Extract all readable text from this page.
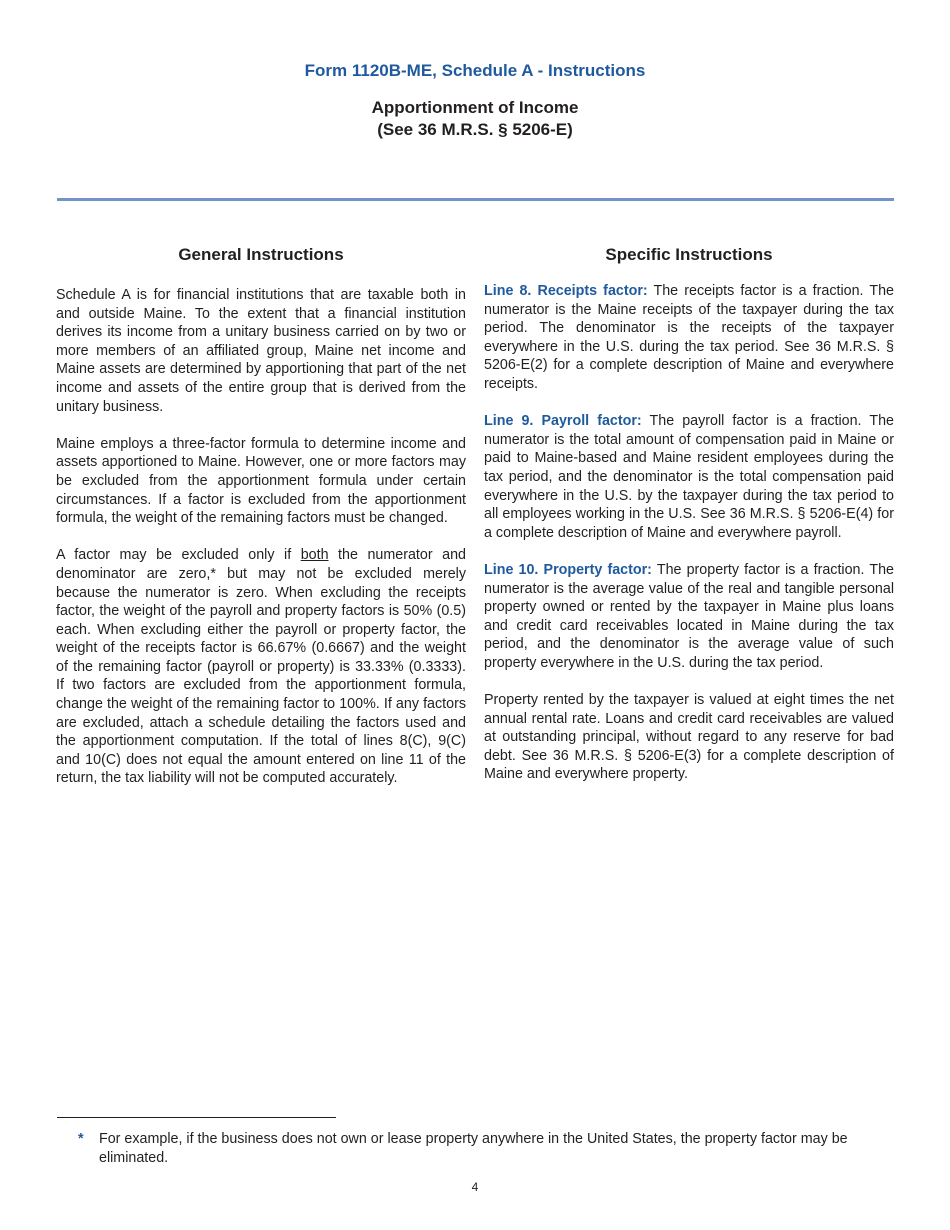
Form 1120B-ME, Schedule A - Instructions
Apportionment of Income
(See 36 M.R.S. § 5206-E)
General Instructions

Schedule A is for financial institutions that are taxable both in and outside Maine. To the extent that a financial institution derives its income from a unitary business carried on by two or more members of an affiliated group, Maine net income and Maine assets are determined by apportioning that part of the net income and assets of the entire group that is derived from the unitary business.

Maine employs a three-factor formula to determine income and assets apportioned to Maine. However, one or more factors may be excluded from the apportionment formula under certain circumstances. If a factor is excluded from the apportionment formula, the weight of the remaining factors must be changed.

A factor may be excluded only if both the numerator and denominator are zero,* but may not be excluded merely because the numerator is zero. When excluding the receipts factor, the weight of the payroll and property factors is 50% (0.5) each. When excluding either the payroll or property factor, the weight of the receipts factor is 66.67% (0.6667) and the weight of the remaining factor (payroll or property) is 33.33% (0.3333). If two factors are excluded from the apportionment formula, change the weight of the remaining factor to 100%. If any factors are excluded, attach a schedule detailing the factors used and the apportionment computation. If the total of lines 8(C), 9(C) and 10(C) does not equal the amount entered on line 11 of the return, the tax liability will not be computed accurately.

Specific Instructions

Line 8. Receipts factor: The receipts factor is a fraction. The numerator is the Maine receipts of the taxpayer during the tax period. The denominator is the receipts of the taxpayer everywhere in the U.S. during the tax period. See 36 M.R.S. § 5206-E(2) for a complete description of Maine and everywhere receipts.

Line 9. Payroll factor: The payroll factor is a fraction. The numerator is the total amount of compensation paid in Maine or paid to Maine-based and Maine resident employees during the tax period, and the denominator is the total compensation paid everywhere in the U.S. by the taxpayer during the tax period to all employees working in the U.S. See 36 M.R.S. § 5206-E(4) for a complete description of Maine and everywhere payroll.

Line 10. Property factor: The property factor is a fraction. The numerator is the average value of the real and tangible personal property owned or rented by the taxpayer in Maine plus loans and credit card receivables located in Maine during the tax period, and the denominator is the average value of such property everywhere in the U.S. during the tax period.

Property rented by the taxpayer is valued at eight times the net annual rental rate. Loans and credit card receivables are valued at outstanding principal, without regard to any reserve for bad debt. See 36 M.R.S. § 5206-E(3) for a complete description of Maine and everywhere property.

* For example, if the business does not own or lease property anywhere in the United States, the property factor may be eliminated.
4
